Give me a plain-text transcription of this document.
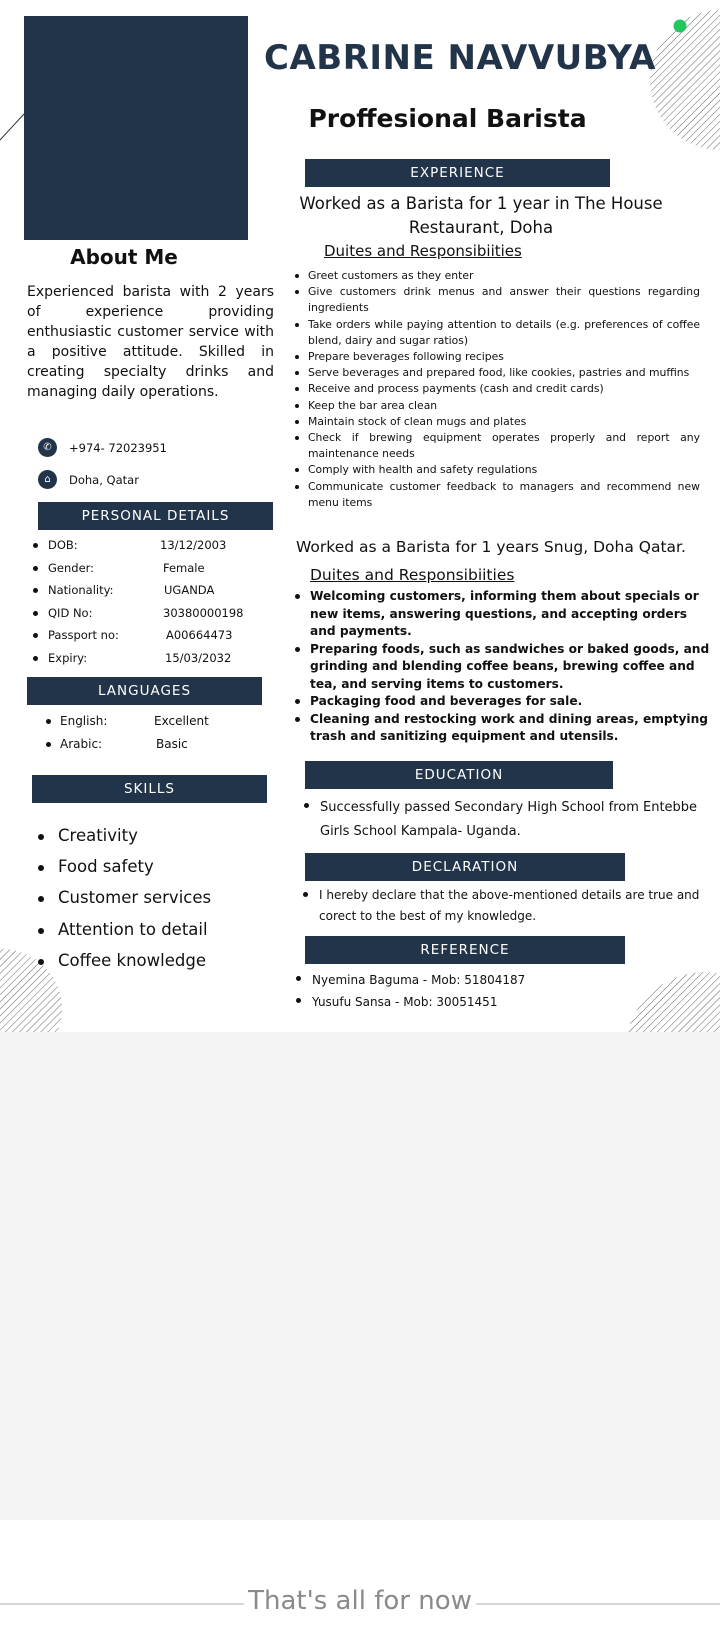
CABRINE NAVVUBYA
Proffesional Barista
About Me
Experienced barista with 2 years of experience providing enthusiastic customer service with a positive attitude. Skilled in creating specialty drinks and managing daily operations.
✆	+974- 72023951
⌂	Doha, Qatar
PERSONAL DETAILS
DOB:	13/12/2003
Gender:	Female
Nationality:	UGANDA
QID No:	30380000198
Passport no:	A00664473
Expiry:	15/03/2032
LANGUAGES
English:	Excellent
Arabic:	Basic
SKILLS
Creativity
Food safety
Customer services
Attention to detail
Coffee knowledge
EXPERIENCE
Worked as a Barista for 1 year in The House Restaurant, Doha
Duites and Responsibiities
Greet customers as they enter
Give customers drink menus and answer their questions regarding ingredients
Take orders while paying attention to details (e.g. preferences of coffee blend, dairy and sugar ratios)
Prepare beverages following recipes
Serve beverages and prepared food, like cookies, pastries and muffins
Receive and process payments (cash and credit cards)
Keep the bar area clean
Maintain stock of clean mugs and plates
Check if brewing equipment operates properly and report any maintenance needs
Comply with health and safety regulations
Communicate customer feedback to managers and recommend new menu items
Worked as a Barista for 1 years Snug, Doha Qatar.
Duites and Responsibiities
Welcoming customers, informing them about specials or new items, answering questions, and accepting orders and payments.
Preparing foods, such as sandwiches or baked goods, and grinding and blending coffee beans, brewing coffee and tea, and serving items to customers.
Packaging food and beverages for sale.
Cleaning and restocking work and dining areas, emptying trash and sanitizing equipment and utensils.
EDUCATION
Successfully passed Secondary High School from Entebbe Girls School Kampala- Uganda.
DECLARATION
I hereby declare that the above-mentioned details are true and corect to the best of my knowledge.
REFERENCE
Nyemina Baguma - Mob: 51804187
Yusufu Sansa - Mob: 30051451
That's all for now
